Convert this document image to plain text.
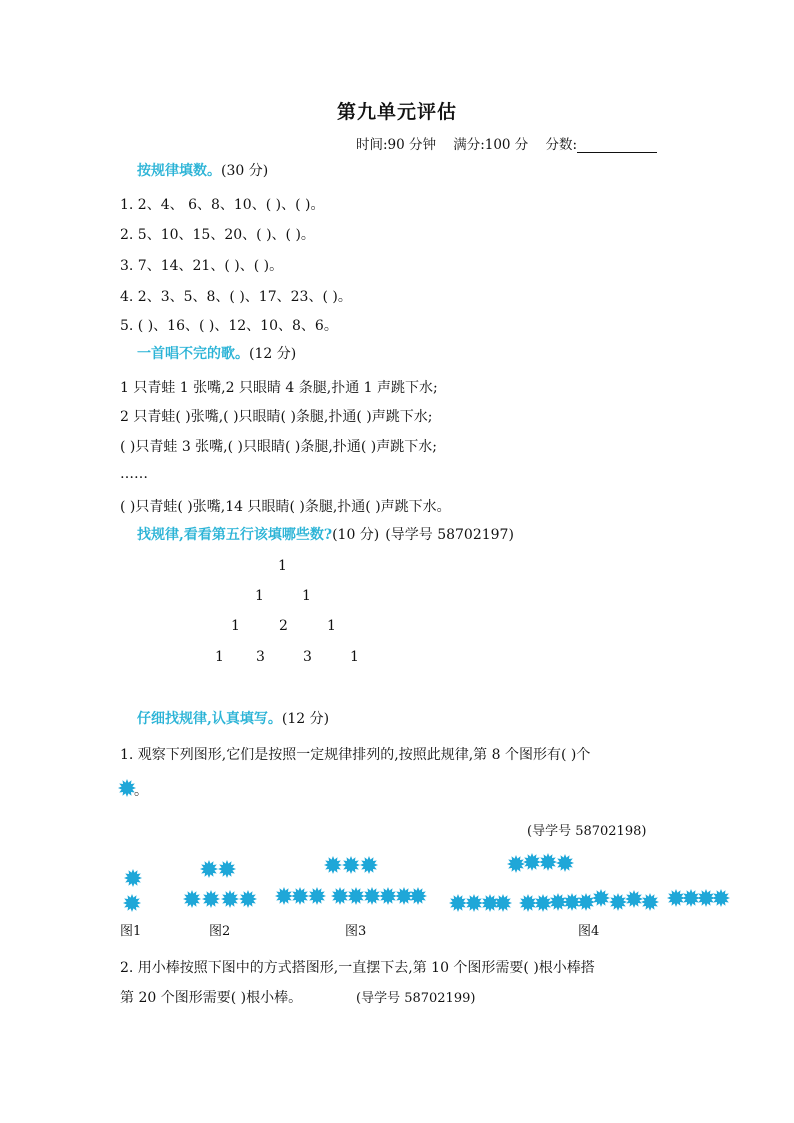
第九单元评估
时间:90 分钟 满分:100 分 分数:
按规律填数。(30 分)
1. 2、4、 6、8、10、( )、( )。
2. 5、10、15、20、( )、( )。
3. 7、14、21、( )、( )。
4. 2、3、5、8、( )、17、23、( )。
5. ( )、16、( )、12、10、8、6。
一首唱不完的歌。(12 分)
1 只青蛙 1 张嘴,2 只眼睛 4 条腿,扑通 1 声跳下水;
2 只青蛙( )张嘴,( )只眼睛( )条腿,扑通( )声跳下水;
( )只青蛙 3 张嘴,( )只眼睛( )条腿,扑通( )声跳下水;
……
( )只青蛙( )张嘴,14 只眼睛( )条腿,扑通( )声跳下水。
找规律,看看第五行该填哪些数?(10 分) (导学号 58702197)
1
1	1
1	2	1
1 3	3	1
仔细找规律,认真填写。(12 分)
1. 观察下列图形,它们是按照一定规律排列的,按照此规律,第 8 个图形有( )个
。
(导学号 58702198)
图1	图2	图3	图4
2. 用小棒按照下图中的方式搭图形,一直摆下去,第 10 个图形需要( )根小棒搭
第 20 个图形需要( )根小棒。	(导学号 58702199)
